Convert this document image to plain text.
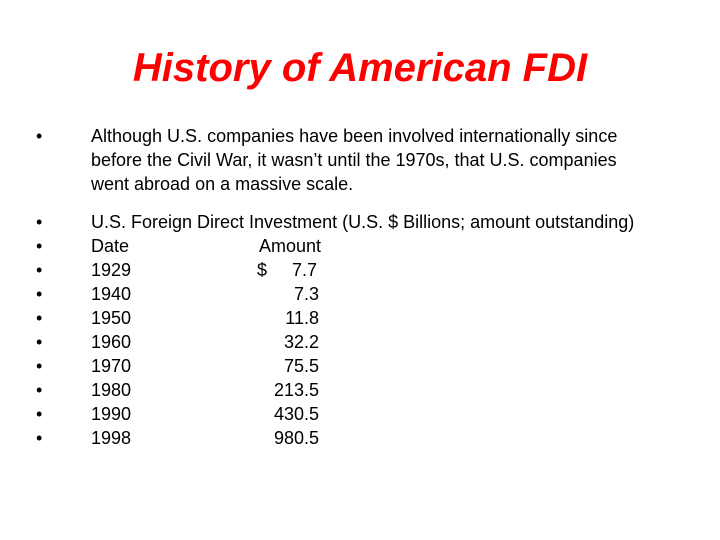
History of American FDI
•	Although U.S. companies have been involved internationally since
before the Civil War, it wasn’t until the 1970s, that U.S. companies
went abroad on a massive scale.
•	U.S. Foreign Direct Investment (U.S. $ Billions; amount outstanding)
•	Date	Amount
•	1929	$ 7.7
•	1940	7.3
•	1950	11.8
•	1960	32.2
•	1970	75.5
•	1980	213.5
•	1990	430.5
•	1998	980.5
